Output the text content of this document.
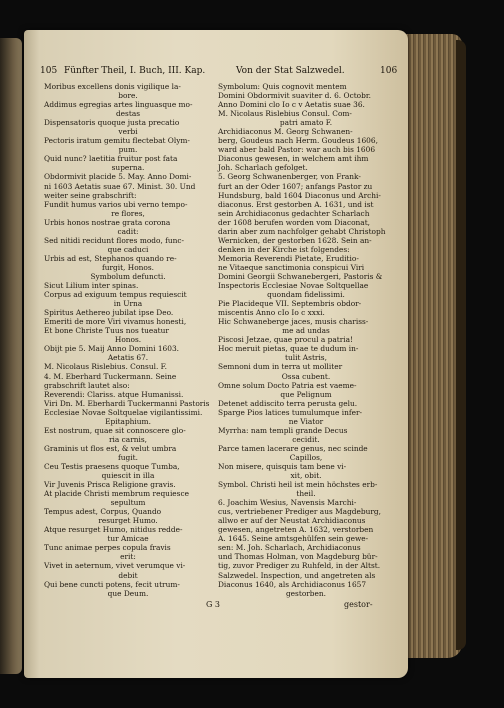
105 Fünfter Theil, I. Buch, III. Kap.	Von der Stat Salzwedel.	106
Moribus excellens donis vigilique la-
bore.
Addimus egregias artes linguasque mo-
destas
Dispensatoris quoque justa precatio
verbi
Pectoris iratum gemitu flectebat Olym-
pum.
Quid nunc? laetitia fruitur post fata
superna.
Obdormivit placide 5. May. Anno Domi-
ni 1603 Aetatis suae 67. Minist. 30. Und
weiter seine grabschrift:
Fundit humus varios ubi verno tempo-
re flores,
Urbis honos nostrae grata corona
cadit:
Sed nitidi recidunt flores modo, func-
que caduci
Urbis ad est, Stephanos quando re-
furgit, Honos.
Symbolum defuncti.
Sicut Lilium inter spinas.
Corpus ad exiguum tempus requiescit
in Urna
Spiritus Aethereo jubilat ipse Deo.
Emeriti de more Viri vivamus honesti,
Et bone Christe Tuus nos tueatur
Honos.
Obijt pie 5. Maij Anno Domini 1603.
Aetatis 67.
M. Nicolaus Rislebius. Consul. F.
4. M. Eberhard Tuckermann. Seine
grabschrift lautet also:
Reverendi: Clariss. atque Humanissi.
Viri Dn. M. Eberhardi Tuckermanni Pastoris
Ecclesiae Novae Soltquelae vigilantissimi.
Epitaphium.
Est nostrum, quae sit connoscere glo-
ria carnis,
Graminis ut flos est, & velut umbra
fugit.
Ceu Testis praesens quoque Tumba,
quiescit in illa
Vir Juvenis Prisca Religione gravis.
At placide Christi membrum requiesce
sepultum
Tempus adest, Corpus, Quando
resurget Humo.
Atque resurget Humo, nitidus redde-
tur Amicae
Tunc animae perpes copula fravis
erit:
Vivet in aeternum, vivet verumque vi-
debit
Qui bene cuncti potens, fecit utrum-
que Deum.
Symbolum: Quis cognovit mentem
Domini Obdormivit suaviter d. 6. Octobr.
Anno Domini clo Io c v Aetatis suae 36.
M. Nicolaus Rislebius Consul. Com-
patri amato F.
Archidiaconus M. Georg Schwanen-
berg, Goudeus nach Herm. Goudeus 1606,
ward aber bald Pastor: war auch bis 1606
Diaconus gewesen, in welchem amt ihm
Joh. Scharlach gefolget.
5. Georg Schwanenberger, von Frank-
furt an der Oder 1607; anfangs Pastor zu
Hundsburg, bald 1604 Diaconus und Archi-
diaconus. Erst gestorben A. 1631, und ist
sein Archidiaconus gedachter Scharlach
der 1608 berufen worden vom Diaconat,
darin aber zum nachfolger gehabt Christoph
Wernicken, der gestorben 1628. Sein an-
denken in der Kirche ist folgendes:
Memoria Reverendi Pietate, Eruditio-
ne Vitaeque sanctimonia conspicui Viri
Domini Georgii Schwanebergeri, Pastoris &
Inspectoris Ecclesiae Novae Soltquellae
quondam fidelissimi.
Pie Placideque VII. Septembris obdor-
miscentis Anno cIo Io c xxxi.
Hic Schwaneberge jaces, musis chariss-
me ad undas
Piscosi Jetzae, quae procul a patria!
Hoc meruit pietas, quae te dudum in-
tulit Astris,
Semnoni dum in terra ut molliter
Ossa cubent.
Omne solum Docto Patria est vaeme-
que Pelignum
Detenet addiscito terra perusta gelu.
Sparge Pios latices tumulumque infer-
ne Viator
Myrrha: nam templi grande Decus
cecidit.
Parce tamen lacerare genus, nec scinde
Capillos,
Non misere, quisquis tam bene vi-
xit, obit.
Symbol. Christi heil ist mein höchstes erb-
theil.
6. Joachim Wesius, Navensis Marchi-
cus, vertriebener Prediger aus Magdeburg,
allwo er auf der Neustat Archidiaconus
gewesen, angetreten A. 1632, verstorben
A. 1645. Seine amtsgehülfen sein gewe-
sen: M. Joh. Scharlach, Archidiaconus
und Thomas Holman, von Magdeburg bür-
tig, zuvor Prediger zu Ruhfeld, in der Altst.
Salzwedel. Inspection, und angetreten als
Diaconus 1640, als Archidiaconus 1657
gestorben.
G 3	gestor-
